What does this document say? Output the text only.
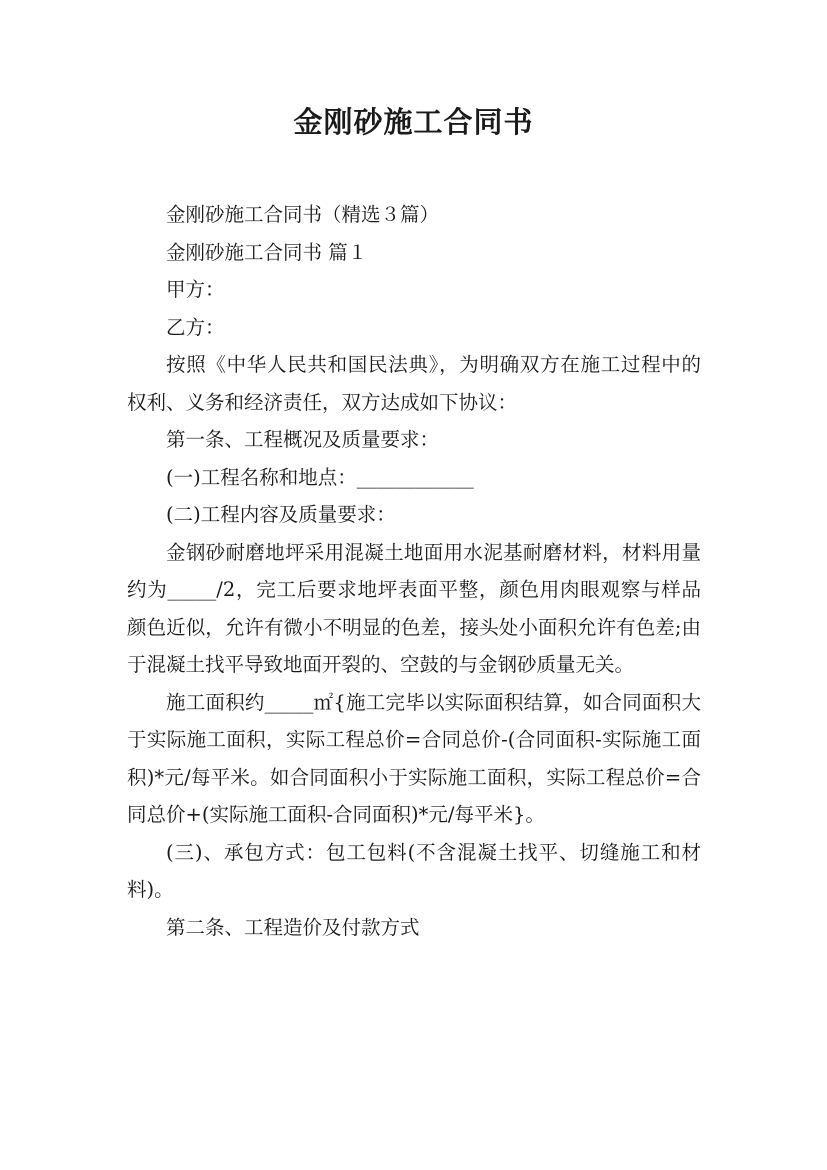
金刚砂施工合同书

金刚砂施工合同书（精选３篇）

金刚砂施工合同书 篇１

甲方：

乙方：

按照《中华人民共和国民法典》，为明确双方在施工过程中的权利、义务和经济责任，双方达成如下协议：

第一条、工程概况及质量要求：

(一)工程名称和地点：____________

(二)工程内容及质量要求：

金钢砂耐磨地坪采用混凝土地面用水泥基耐磨材料，材料用量约为_____/2，完工后要求地坪表面平整，颜色用肉眼观察与样品颜色近似，允许有微小不明显的色差，接头处小面积允许有色差;由于混凝土找平导致地面开裂的、空鼓的与金钢砂质量无关。

施工面积约_____㎡{施工完毕以实际面积结算，如合同面积大于实际施工面积，实际工程总价=合同总价-(合同面积-实际施工面积)*元/每平米。如合同面积小于实际施工面积，实际工程总价=合同总价+(实际施工面积-合同面积)*元/每平米}。

(三)、承包方式：包工包料(不含混凝土找平、切缝施工和材料)。

第二条、工程造价及付款方式
